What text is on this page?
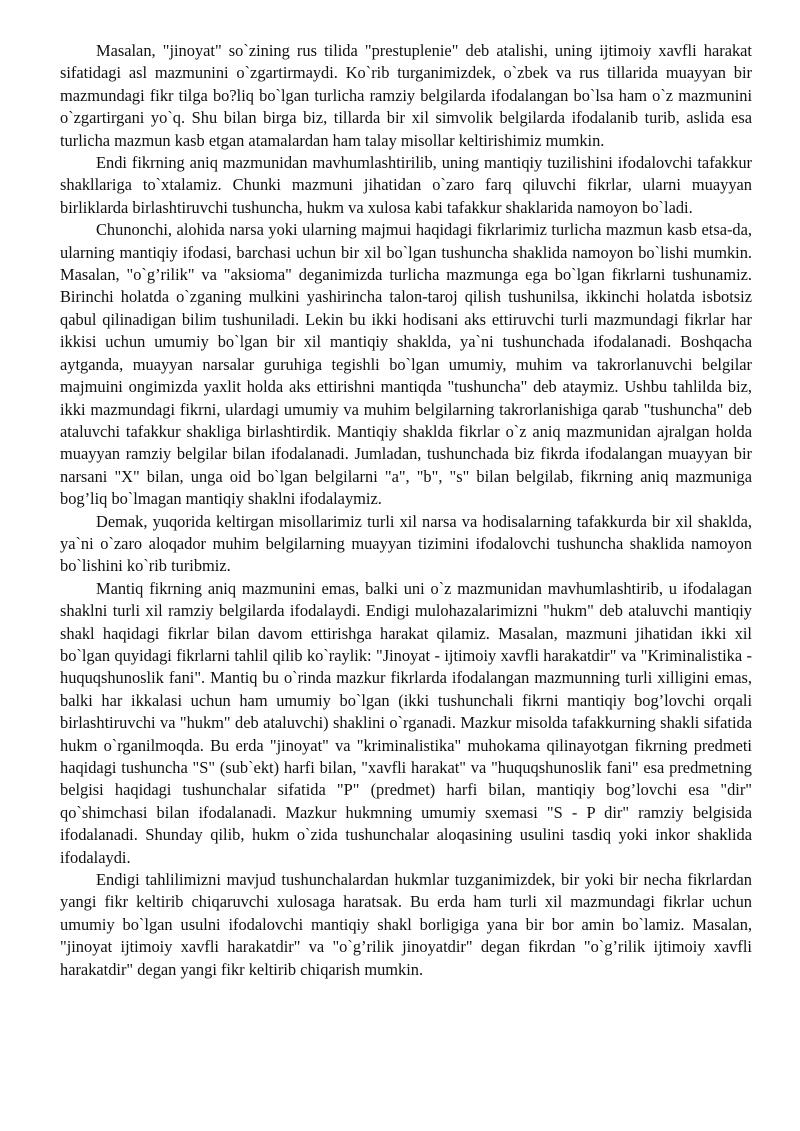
Masalan, "jinoyat" so`zining rus tilida "prestuplenie" deb atalishi, uning ijtimoiy xavfli harakat sifatidagi asl mazmunini o`zgartirmaydi. Ko`rib turganimizdek, o`zbek va rus tillarida muayyan bir mazmundagi fikr tilga bo?liq bo`lgan turlicha ramziy belgilarda ifodalangan bo`lsa ham o`z mazmunini o`zgartirgani yo`q. Shu bilan birga biz, tillarda bir xil simvolik belgilarda ifodalanib turib, aslida esa turlicha mazmun kasb etgan atamalardan ham talay misollar keltirishimiz mumkin.

Endi fikrning aniq mazmunidan mavhumlashtirilib, uning mantiqiy tuzilishini ifodalovchi tafakkur shakllariga to`xtalamiz. Chunki mazmuni jihatidan o`zaro farq qiluvchi fikrlar, ularni muayyan birliklarda birlashtiruvchi tushuncha, hukm va xulosa kabi tafakkur shaklarida namoyon bo`ladi.

Chunonchi, alohida narsa yoki ularning majmui haqidagi fikrlarimiz turlicha mazmun kasb etsa-da, ularning mantiqiy ifodasi, barchasi uchun bir xil bo`lgan tushuncha shaklida namoyon bo`lishi mumkin. Masalan, "o`g’rilik" va "aksioma" deganimizda turlicha mazmunga ega bo`lgan fikrlarni tushunamiz. Birinchi holatda o`zganing mulkini yashirincha talon-taroj qilish tushunilsa, ikkinchi holatda isbotsiz qabul qilinadigan bilim tushuniladi. Lekin bu ikki hodisani aks ettiruvchi turli mazmundagi fikrlar har ikkisi uchun umumiy bo`lgan bir xil mantiqiy shaklda, ya`ni tushunchada ifodalanadi. Boshqacha aytganda, muayyan narsalar guruhiga tegishli bo`lgan umumiy, muhim va takrorlanuvchi belgilar majmuini ongimizda yaxlit holda aks ettirishni mantiqda "tushuncha" deb ataymiz. Ushbu tahlilda biz, ikki mazmundagi fikrni, ulardagi umumiy va muhim belgilarning takrorlanishiga qarab "tushuncha" deb ataluvchi tafakkur shakliga birlashtirdik. Mantiqiy shaklda fikrlar o`z aniq mazmunidan ajralgan holda muayyan ramziy belgilar bilan ifodalanadi. Jumladan, tushunchada biz fikrda ifodalangan muayyan bir narsani "X" bilan, unga oid bo`lgan belgilarni "a", "b", "s" bilan belgilab, fikrning aniq mazmuniga bog’liq bo`lmagan mantiqiy shaklni ifodalaymiz.

Demak, yuqorida keltirgan misollarimiz turli xil narsa va hodisalarning tafakkurda bir xil shaklda, ya`ni o`zaro aloqador muhim belgilarning muayyan tizimini ifodalovchi tushuncha shaklida namoyon bo`lishini ko`rib turibmiz.

Mantiq fikrning aniq mazmunini emas, balki uni o`z mazmunidan mavhumlashtirib, u ifodalagan shaklni turli xil ramziy belgilarda ifodalaydi. Endigi mulohazalarimizni "hukm" deb ataluvchi mantiqiy shakl haqidagi fikrlar bilan davom ettirishga harakat qilamiz. Masalan, mazmuni jihatidan ikki xil bo`lgan quyidagi fikrlarni tahlil qilib ko`raylik: "Jinoyat - ijtimoiy xavfli harakatdir" va "Kriminalistika - huquqshunoslik fani". Mantiq bu o`rinda mazkur fikrlarda ifodalangan mazmunning turli xilligini emas, balki har ikkalasi uchun ham umumiy bo`lgan (ikki tushunchali fikrni mantiqiy bog’lovchi orqali birlashtiruvchi va "hukm" deb ataluvchi) shaklini o`rganadi. Mazkur misolda tafakkurning shakli sifatida hukm o`rganilmoqda. Bu erda "jinoyat" va "kriminalistika" muhokama qilinayotgan fikrning predmeti haqidagi tushuncha "S" (sub`ekt) harfi bilan, "xavfli harakat" va "huquqshunoslik fani" esa predmetning belgisi haqidagi tushunchalar sifatida "P" (predmet) harfi bilan, mantiqiy bog’lovchi esa "dir" qo`shimchasi bilan ifodalanadi. Mazkur hukmning umumiy sxemasi "S - P dir" ramziy belgisida ifodalanadi. Shunday qilib, hukm o`zida tushunchalar aloqasining usulini tasdiq yoki inkor shaklida ifodalaydi.

Endigi tahlilimizni mavjud tushunchalardan hukmlar tuzganimizdek, bir yoki bir necha fikrlardan yangi fikr keltirib chiqaruvchi xulosaga haratsak. Bu erda ham turli xil mazmundagi fikrlar uchun umumiy bo`lgan usulni ifodalovchi mantiqiy shakl borligiga yana bir bor amin bo`lamiz. Masalan, "jinoyat ijtimoiy xavfli harakatdir" va "o`g’rilik jinoyatdir" degan fikrdan "o`g’rilik ijtimoiy xavfli harakatdir" degan yangi fikr keltirib chiqarish mumkin.
